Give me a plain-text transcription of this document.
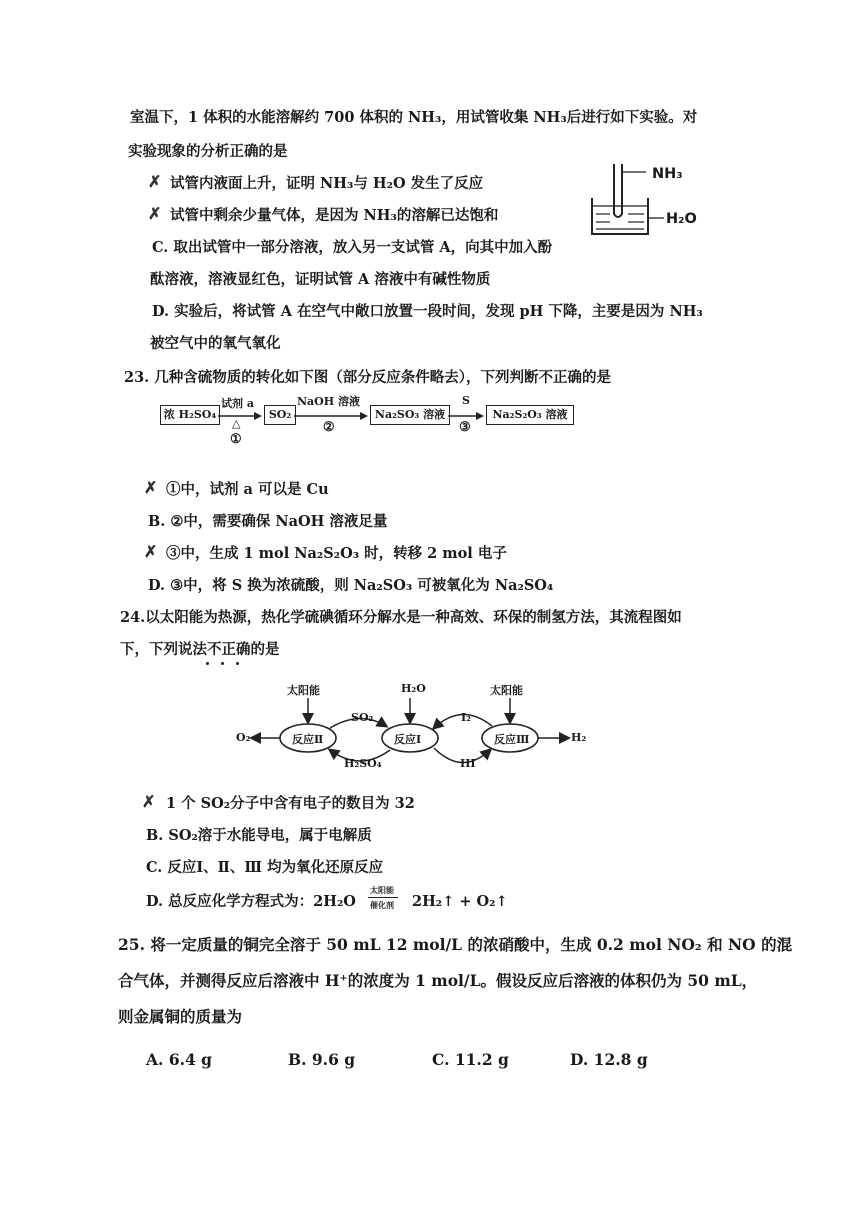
室温下，1 体积的水能溶解约 700 体积的 NH₃，用试管收集 NH₃后进行如下实验。对
实验现象的分析正确的是
✗ 试管内液面上升，证明 NH₃与 H₂O 发生了反应
✗ 试管中剩余少量气体，是因为 NH₃的溶解已达饱和
C. 取出试管中一部分溶液，放入另一支试管 A，向其中加入酚
酞溶液，溶液显红色，证明试管 A 溶液中有碱性物质
D. 实验后，将试管 A 在空气中敞口放置一段时间，发现 pH 下降，主要是因为 NH₃
被空气中的氧气氧化
NH₃
H₂O
23. 几种含硫物质的转化如下图（部分反应条件略去），下列判断不正确的是
浓 H₂SO₄
试剂 a
△
①
SO₂
NaOH 溶液
②
Na₂SO₃ 溶液
S
③
Na₂S₂O₃ 溶液
✗ ①中，试剂 a 可以是 Cu
B. ②中，需要确保 NaOH 溶液足量
✗ ③中，生成 1 mol Na₂S₂O₃ 时，转移 2 mol 电子
D. ③中，将 S 换为浓硫酸，则 Na₂SO₃ 可被氧化为 Na₂SO₄
24.以太阳能为热源，热化学硫碘循环分解水是一种高效、环保的制氢方法，其流程图如
下，下列说法不正确的是
太阳能	H₂O	太阳能
SO₂	I₂
O₂	反应Ⅱ	反应Ⅰ	反应Ⅲ	H₂
H₂SO₄	HI
✗ 1 个 SO₂分子中含有电子的数目为 32
B. SO₂溶于水能导电，属于电解质
C. 反应Ⅰ、Ⅱ、Ⅲ 均为氧化还原反应
D. 总反应化学方程式为：2H₂O
太阳能
催化剂 2H₂↑ + O₂↑
25. 将一定质量的铜完全溶于 50 mL 12 mol/L 的浓硝酸中，生成 0.2 mol NO₂ 和 NO 的混
合气体，并测得反应后溶液中 H⁺的浓度为 1 mol/L。假设反应后溶液的体积仍为 50 mL，
则金属铜的质量为
A. 6.4 g	B. 9.6 g	C. 11.2 g	D. 12.8 g
